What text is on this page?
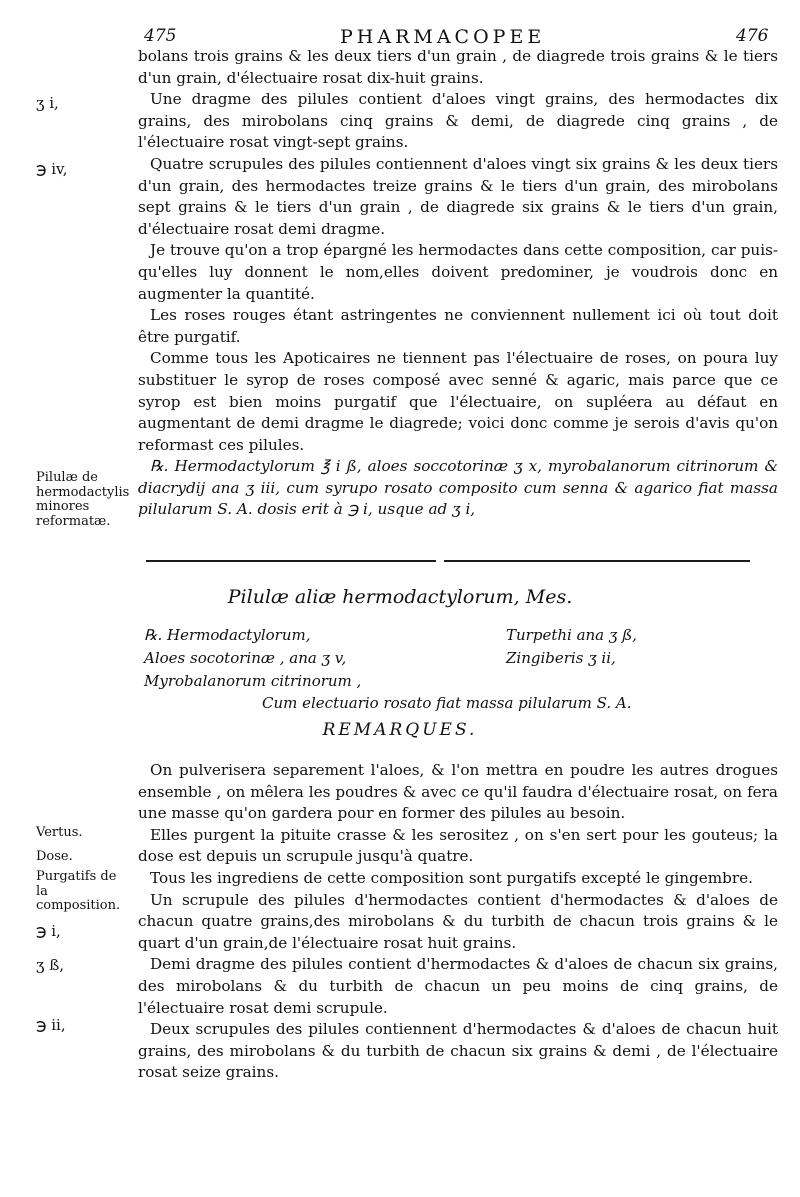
475	PHARMACOPEE	476

bolans trois grains & les deux tiers d'un grain , de diagrede trois grains & le tiers d'un grain, d'électuaire rosat dix-huit grains.

Une dragme des pilules contient d'aloes vingt grains, des hermodactes dix grains, des mirobolans cinq grains & demi, de diagrede cinq grains , de l'électuaire rosat vingt-sept grains.

Quatre scrupules des pilules contiennent d'aloes vingt six grains & les deux tiers d'un grain, des hermodactes treize grains & le tiers d'un grain, des mirobolans sept grains & le tiers d'un grain , de diagrede six grains & le tiers d'un grain, d'électuaire rosat demi dragme.

Je trouve qu'on a trop épargné les hermodactes dans cette composition, car puis-qu'elles luy donnent le nom,elles doivent predominer, je voudrois donc en augmenter la quantité.

Les roses rouges étant astringentes ne conviennent nullement ici où tout doit être purgatif.

Comme tous les Apoticaires ne tiennent pas l'électuaire de roses, on poura luy substituer le syrop de roses composé avec senné & agaric, mais parce que ce syrop est bien moins purgatif que l'électuaire, on supléera au défaut en augmentant de demi dragme le diagrede; voici donc comme je serois d'avis qu'on reformast ces pilules.

℞. Hermodactylorum ℥ i ß, aloes soccotorinæ ʒ x, myrobalanorum citrinorum & diacrydij ana ʒ iii, cum syrupo rosato composito cum senna & agarico fiat massa pilularum S. A. dosis erit à ℈ i, usque ad ʒ i,

ʒ i,
℈ iv,
Pilulæ de hermodactylis minores reformatæ.
Pilulæ aliæ hermodactylorum, Mes.
℞. Hermodactylorum,	Turpethi ana ʒ ß,
Aloes socotorinæ , ana ʒ v,	Zingiberis ʒ ii,
Myrobalanorum citrinorum ,
Cum electuario rosato fiat massa pilularum S. A.
REMARQUES.

On pulverisera separement l'aloes, & l'on mettra en poudre les autres drogues ensemble , on mêlera les poudres & avec ce qu'il faudra d'électuaire rosat, on fera une masse qu'on gardera pour en former des pilules au besoin.

Elles purgent la pituite crasse & les serositez , on s'en sert pour les gouteus; la dose est depuis un scrupule jusqu'à quatre.

Tous les ingrediens de cette composition sont purgatifs excepté le gingembre.

Un scrupule des pilules d'hermodactes contient d'hermodactes & d'aloes de chacun quatre grains,des mirobolans & du turbith de chacun trois grains & le quart d'un grain,de l'électuaire rosat huit grains.

Demi dragme des pilules contient d'hermodactes & d'aloes de chacun six grains, des mirobolans & du turbith de chacun un peu moins de cinq grains, de l'électuaire rosat demi scrupule.

Deux scrupules des pilules contiennent d'hermodactes & d'aloes de chacun huit grains, des mirobolans & du turbith de chacun six grains & demi , de l'électuaire rosat seize grains.

Vertus.
Dose.
Purgatifs de la composition.
℈ i,
ʒ ß,
℈ ii,
